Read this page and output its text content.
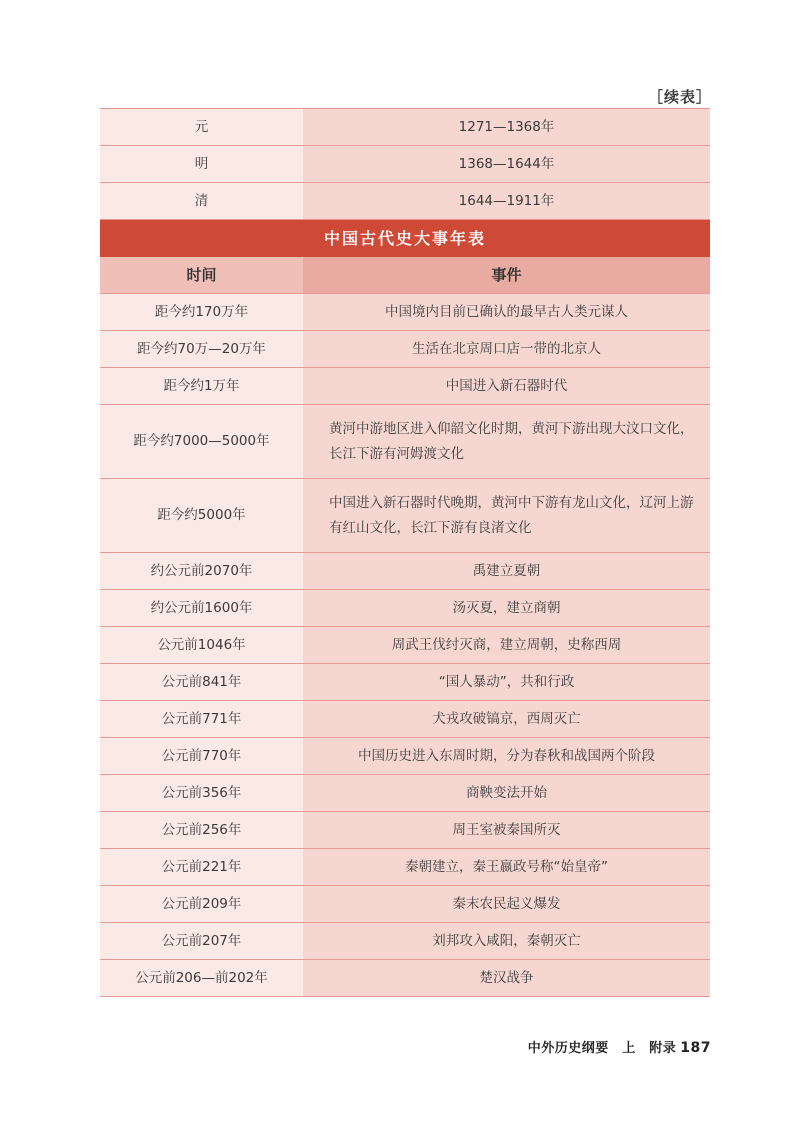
［续表］
元	1271—1368年
明	1368—1644年
清	1644—1911年
中国古代史大事年表	
时间	事件
距今约170万年	中国境内目前已确认的最早古人类元谋人
距今约70万—20万年	生活在北京周口店一带的北京人
距今约1万年	中国进入新石器时代
距今约7000—5000年	黄河中游地区进入仰韶文化时期，黄河下游出现大汶口文化，长江下游有河姆渡文化
距今约5000年	中国进入新石器时代晚期，黄河中下游有龙山文化，辽河上游有红山文化，长江下游有良渚文化
约公元前2070年	禹建立夏朝
约公元前1600年	汤灭夏，建立商朝
公元前1046年	周武王伐纣灭商，建立周朝，史称西周
公元前841年	“国人暴动”，共和行政
公元前771年	犬戎攻破镐京，西周灭亡
公元前770年	中国历史进入东周时期，分为春秋和战国两个阶段
公元前356年	商鞅变法开始
公元前256年	周王室被秦国所灭
公元前221年	秦朝建立，秦王嬴政号称“始皇帝”
公元前209年	秦末农民起义爆发
公元前207年	刘邦攻入咸阳，秦朝灭亡
公元前206—前202年	楚汉战争
中外历史纲要　上　附录 187
